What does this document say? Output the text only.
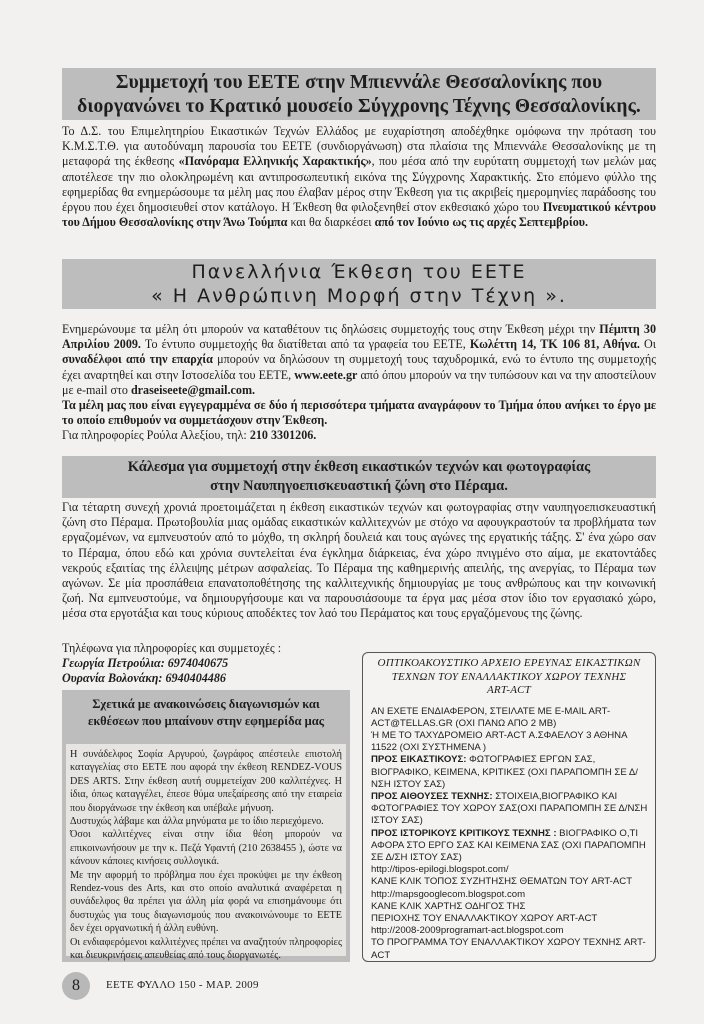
Συμμετοχή του ΕΕΤΕ στην Μπιεννάλε Θεσσαλονίκης που
διοργανώνει το Κρατικό μουσείο Σύγχρονης Τέχνης Θεσσαλονίκης.
Το Δ.Σ. του Επιμελητηρίου Εικαστικών Τεχνών Ελλάδος με ευχαρίστηση αποδέχθηκε ομόφωνα την πρόταση του Κ.Μ.Σ.Τ.Θ. για αυτοδύναμη παρουσία του ΕΕΤΕ (συνδιοργάνωση) στα πλαίσια της Μπιεννάλε Θεσσαλονίκης με τη μεταφορά της έκθεσης «Πανόραμα Ελληνικής Χαρακτικής», που μέσα από την ευρύτατη συμμετοχή των μελών μας αποτέλεσε την πιο ολοκληρωμένη και αντιπροσωπευτική εικόνα της Σύγχρονης Χαρακτικής. Στο επόμενο φύλλο της εφημερίδας θα ενημερώσουμε τα μέλη μας που έλαβαν μέρος στην Έκθεση για τις ακριβείς ημερομηνίες παράδοσης του έργου που έχει δημοσιευθεί στον κατάλογο. Η Έκθεση θα φιλοξενηθεί στον εκθεσιακό χώρο του Πνευματικού κέντρου του Δήμου Θεσσαλονίκης στην Άνω Τούμπα και θα διαρκέσει από τον Ιούνιο ως τις αρχές Σεπτεμβρίου.
Πανελλήνια Έκθεση του ΕΕΤΕ
« Η Ανθρώπινη Μορφή στην Τέχνη ».
Ενημερώνουμε τα μέλη ότι μπορούν να καταθέτουν τις δηλώσεις συμμετοχής τους στην Έκθεση μέχρι την Πέμπτη 30 Απριλίου 2009. Το έντυπο συμμετοχής θα διατίθεται από τα γραφεία του ΕΕΤΕ, Κωλέττη 14, ΤΚ 106 81, Αθήνα. Οι συναδέλφοι από την επαρχία μπορούν να δηλώσουν τη συμμετοχή τους ταχυδρομικά, ενώ το έντυπο της συμμετοχής έχει αναρτηθεί και στην Ιστοσελίδα του ΕΕΤΕ, www.eete.gr από όπου μπορούν να την τυπώσουν και να την αποστείλουν με e-mail στο draseiseete@gmail.com.
Τα μέλη μας που είναι εγγεγραμμένα σε δύο ή περισσότερα τμήματα αναγράφουν το Τμήμα όπου ανήκει το έργο με το οποίο επιθυμούν να συμμετάσχουν στην Έκθεση.
Για πληροφορίες Ρούλα Αλεξίου, τηλ: 210 3301206.
Κάλεσμα για συμμετοχή στην έκθεση εικαστικών τεχνών και φωτογραφίας
στην Ναυπηγοεπισκευαστική ζώνη στο Πέραμα.
Για τέταρτη συνεχή χρονιά προετοιμάζεται η έκθεση εικαστικών τεχνών και φωτογραφίας στην ναυπηγοεπισκευαστική ζώνη στο Πέραμα. Πρωτοβουλία μιας ομάδας εικαστικών καλλιτεχνών με στόχο να αφουγκραστούν τα προβλήματα των εργαζομένων, να εμπνευστούν από το μόχθο, τη σκληρή δουλειά και τους αγώνες της εργατικής τάξης. Σ' ένα χώρο σαν το Πέραμα, όπου εδώ και χρόνια συντελείται ένα έγκλημα διάρκειας, ένα χώρο πνιγμένο στο αίμα, με εκατοντάδες νεκρούς εξαιτίας της έλλειψης μέτρων ασφαλείας. Το Πέραμα της καθημερινής απειλής, της ανεργίας, το Πέραμα των αγώνων. Σε μία προσπάθεια επανατοποθέτησης της καλλιτεχνικής δημιουργίας με τους ανθρώπους και την κοινωνική ζωή. Να εμπνευστούμε, να δημιουργήσουμε και να παρουσιάσουμε τα έργα μας μέσα στον ίδιο τον εργασιακό χώρο, μέσα στα εργοτάξια και τους κύριους αποδέκτες τον λαό του Περάματος και τους εργαζόμενους της ζώνης.
Τηλέφωνα για πληροφορίες και συμμετοχές :
Γεωργία Πετρούλια: 6974040675
Ουρανία Βολονάκη: 6940404486
Σχετικά με ανακοινώσεις διαγωνισμών και
εκθέσεων που μπαίνουν στην εφημερίδα μας
Η συνάδελφος Σοφία Αργυρού, ζωγράφος απέστειλε επιστολή καταγγελίας στο ΕΕΤΕ που αφορά την έκθεση RENDEZ-VOUS DES ARTS. Στην έκθεση αυτή συμμετείχαν 200 καλλιτέχνες. Η ίδια, όπως καταγγέλει, έπεσε θύμα υπεξαίρεσης από την εταιρεία που διοργάνωσε την έκθεση και υπέβαλε μήνυση.
Δυστυχώς λάβαμε και άλλα μηνύματα με το ίδιο περιεχόμενο.
Όσοι καλλιτέχνες είναι στην ίδια θέση μπορούν να επικοινωνήσουν με την κ. Πεζά Υφαντή (210 2638455 ), ώστε να κάνουν κάποιες κινήσεις συλλογικά.
Με την αφορμή το πρόβλημα που έχει προκύψει με την έκθεση Rendez-vous des Arts, και στο οποίο αναλυτικά αναφέρεται η συνάδελφος θα πρέπει για άλλη μία φορά να επισημάνουμε ότι δυστυχώς για τους διαγωνισμούς που ανακοινώνουμε το ΕΕΤΕ δεν έχει οργανωτική ή άλλη ευθύνη.
Οι ενδιαφερόμενοι καλλιτέχνες πρέπει να αναζητούν πληροφορίες και διευκρινήσεις απευθείας από τους διοργανωτές.
ΟΠΤΙΚΟΑΚΟΥΣΤΙΚΟ ΑΡΧΕΙΟ ΕΡΕΥΝΑΣ ΕΙΚΑΣΤΙΚΩΝ
ΤΕΧΝΩΝ ΤΟΥ ΕΝΑΛΛΑΚΤΙΚΟΥ ΧΩΡΟΥ ΤΕΧΝΗΣ
ART-ACT
ΑΝ ΕΧΕΤΕ ΕΝΔΙΑΦΕΡΟΝ, ΣΤΕΙΛΑΤΕ ΜΕ E-MAIL ART-ACT@TELLAS.GR (ΟΧΙ ΠΑΝΩ ΑΠΟ 2 MB)
Ή ΜΕ ΤΟ ΤΑΧΥΔΡΟΜΕΙΟ ART-ACT Α.ΣΦΑΕΛΟΥ 3 ΑΘΗΝΑ 11522 (ΟΧΙ ΣΥΣΤΗΜΕΝΑ )
ΠΡΟΣ ΕΙΚΑΣΤΙΚΟΥΣ: ΦΩΤΟΓΡΑΦΙΕΣ ΕΡΓΩΝ ΣΑΣ, ΒΙΟΓΡΑΦΙΚΟ, ΚΕΙΜΕΝΑ, ΚΡΙΤΙΚΕΣ (ΟΧΙ ΠΑΡΑΠΟΜΠΗ ΣΕ Δ/ΝΣΗ ΙΣΤΟΥ ΣΑΣ)
ΠΡΟΣ ΑΙΘΟΥΣΕΣ ΤΕΧΝΗΣ: ΣΤΟΙΧΕΙΑ,ΒΙΟΓΡΑΦΙΚΟ ΚΑΙ ΦΩΤΟΓΡΑΦΙΕΣ ΤΟΥ ΧΩΡΟΥ ΣΑΣ(ΟΧΙ ΠΑΡΑΠΟΜΠΗ ΣΕ Δ/ΝΣΗ ΙΣΤΟΥ ΣΑΣ)
ΠΡΟΣ ΙΣΤΟΡΙΚΟΥΣ ΚΡΙΤΙΚΟΥΣ ΤΕΧΝΗΣ : ΒΙΟΓΡΑΦΙΚΟ Ο,ΤΙ ΑΦΟΡΑ ΣΤΟ ΕΡΓΟ ΣΑΣ ΚΑΙ ΚΕΙΜΕΝΑ ΣΑΣ (ΟΧΙ ΠΑΡΑΠΟΜΠΗ ΣΕ Δ/ΣΗ ΙΣΤΟΥ ΣΑΣ)
http://tipos-epilogi.blogspot.com/
ΚΑΝΕ ΚΛΙΚ ΤΟΠΟΣ ΣΥΖΗΤΗΣΗΣ ΘΕΜΑΤΩΝ ΤΟΥ ART-ACT
http://mapsgooglecom.blogspot.com
ΚΑΝΕ ΚΛΙΚ ΧΑΡΤΗΣ ΟΔΗΓΟΣ ΤΗΣ
ΠΕΡΙΟΧΗΣ ΤΟΥ ΕΝΑΛΛΑΚΤΙΚΟΥ ΧΩΡΟΥ ART-ACT
http://2008-2009programart-act.blogspot.com
ΤΟ ΠΡΟΓΡΑΜΜΑ ΤΟΥ ΕΝΑΛΛΑΚΤΙΚΟΥ ΧΩΡΟΥ ΤΕΧΝΗΣ ART-ACT
8	ΕΕΤΕ ΦΥΛΛΟ 150 - ΜΑΡ. 2009
